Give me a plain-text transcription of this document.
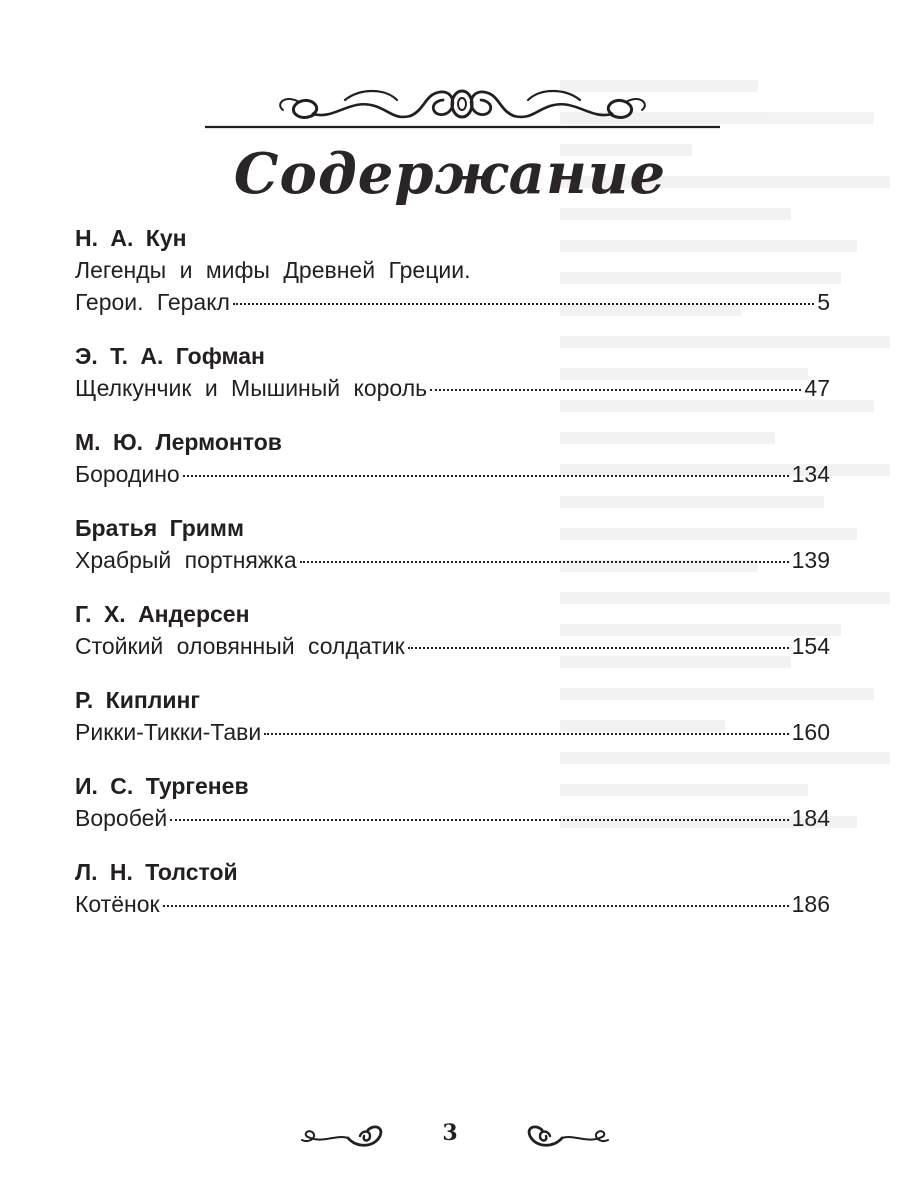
Содержание
Н. А. Кун
Легенды и мифы Древней Греции.
Герои. Геракл	5
Э. Т. А. Гофман
Щелкунчик и Мышиный король	47
М. Ю. Лермонтов
Бородино	134
Братья Гримм
Храбрый портняжка	139
Г. Х. Андерсен
Стойкий оловянный солдатик	154
Р. Киплинг
Рикки-Тикки-Тави	160
И. С. Тургенев
Воробей	184
Л. Н. Толстой
Котёнок	186
3
